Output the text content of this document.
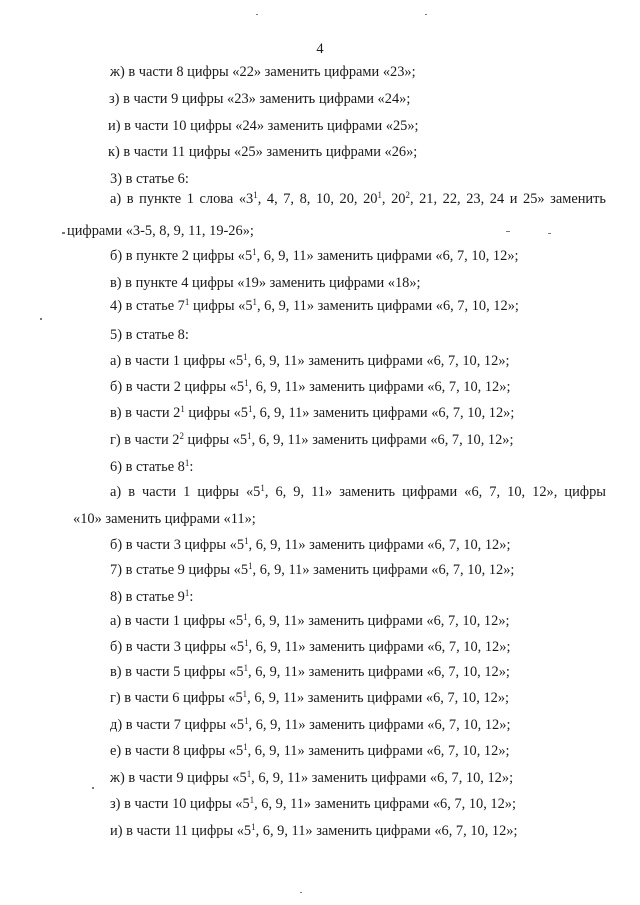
4
ж) в части 8 цифры «22» заменить цифрами «23»;
з) в части 9 цифры «23» заменить цифрами «24»;
и) в части 10 цифры «24» заменить цифрами «25»;
к) в части 11 цифры «25» заменить цифрами «26»;
3) в статье 6:
а) в пункте 1 слова «$3^1$, 4, 7, 8, 10, 20, $20^1$, $20^2$, 21, 22, 23, 24 и 25» заменить
цифрами «3-5, 8, 9, 11, 19-26»;
б) в пункте 2 цифры «$5^1$, 6, 9, 11» заменить цифрами «6, 7, 10, 12»;
в) в пункте 4 цифры «19» заменить цифрами «18»;
4) в статье $7^1$ цифры «$5^1$, 6, 9, 11» заменить цифрами «6, 7, 10, 12»;
5) в статье 8:
а) в части 1 цифры «$5^1$, 6, 9, 11» заменить цифрами «6, 7, 10, 12»;
б) в части 2 цифры «$5^1$, 6, 9, 11» заменить цифрами «6, 7, 10, 12»;
в) в части $2^1$ цифры «$5^1$, 6, 9, 11» заменить цифрами «6, 7, 10, 12»;
г) в части $2^2$ цифры «$5^1$, 6, 9, 11» заменить цифрами «6, 7, 10, 12»;
6) в статье $8^1$:
а) в части 1 цифры «$5^1$, 6, 9, 11» заменить цифрами «6, 7, 10, 12», цифры
«10» заменить цифрами «11»;
б) в части 3 цифры «$5^1$, 6, 9, 11» заменить цифрами «6, 7, 10, 12»;
7) в статье 9 цифры «$5^1$, 6, 9, 11» заменить цифрами «6, 7, 10, 12»;
8) в статье $9^1$:
а) в части 1 цифры «$5^1$, 6, 9, 11» заменить цифрами «6, 7, 10, 12»;
б) в части 3 цифры «$5^1$, 6, 9, 11» заменить цифрами «6, 7, 10, 12»;
в) в части 5 цифры «$5^1$, 6, 9, 11» заменить цифрами «6, 7, 10, 12»;
г) в части 6 цифры «$5^1$, 6, 9, 11» заменить цифрами «6, 7, 10, 12»;
д) в части 7 цифры «$5^1$, 6, 9, 11» заменить цифрами «6, 7, 10, 12»;
е) в части 8 цифры «$5^1$, 6, 9, 11» заменить цифрами «6, 7, 10, 12»;
ж) в части 9 цифры «$5^1$, 6, 9, 11» заменить цифрами «6, 7, 10, 12»;
з) в части 10 цифры «$5^1$, 6, 9, 11» заменить цифрами «6, 7, 10, 12»;
и) в части 11 цифры «$5^1$, 6, 9, 11» заменить цифрами «6, 7, 10, 12»;
